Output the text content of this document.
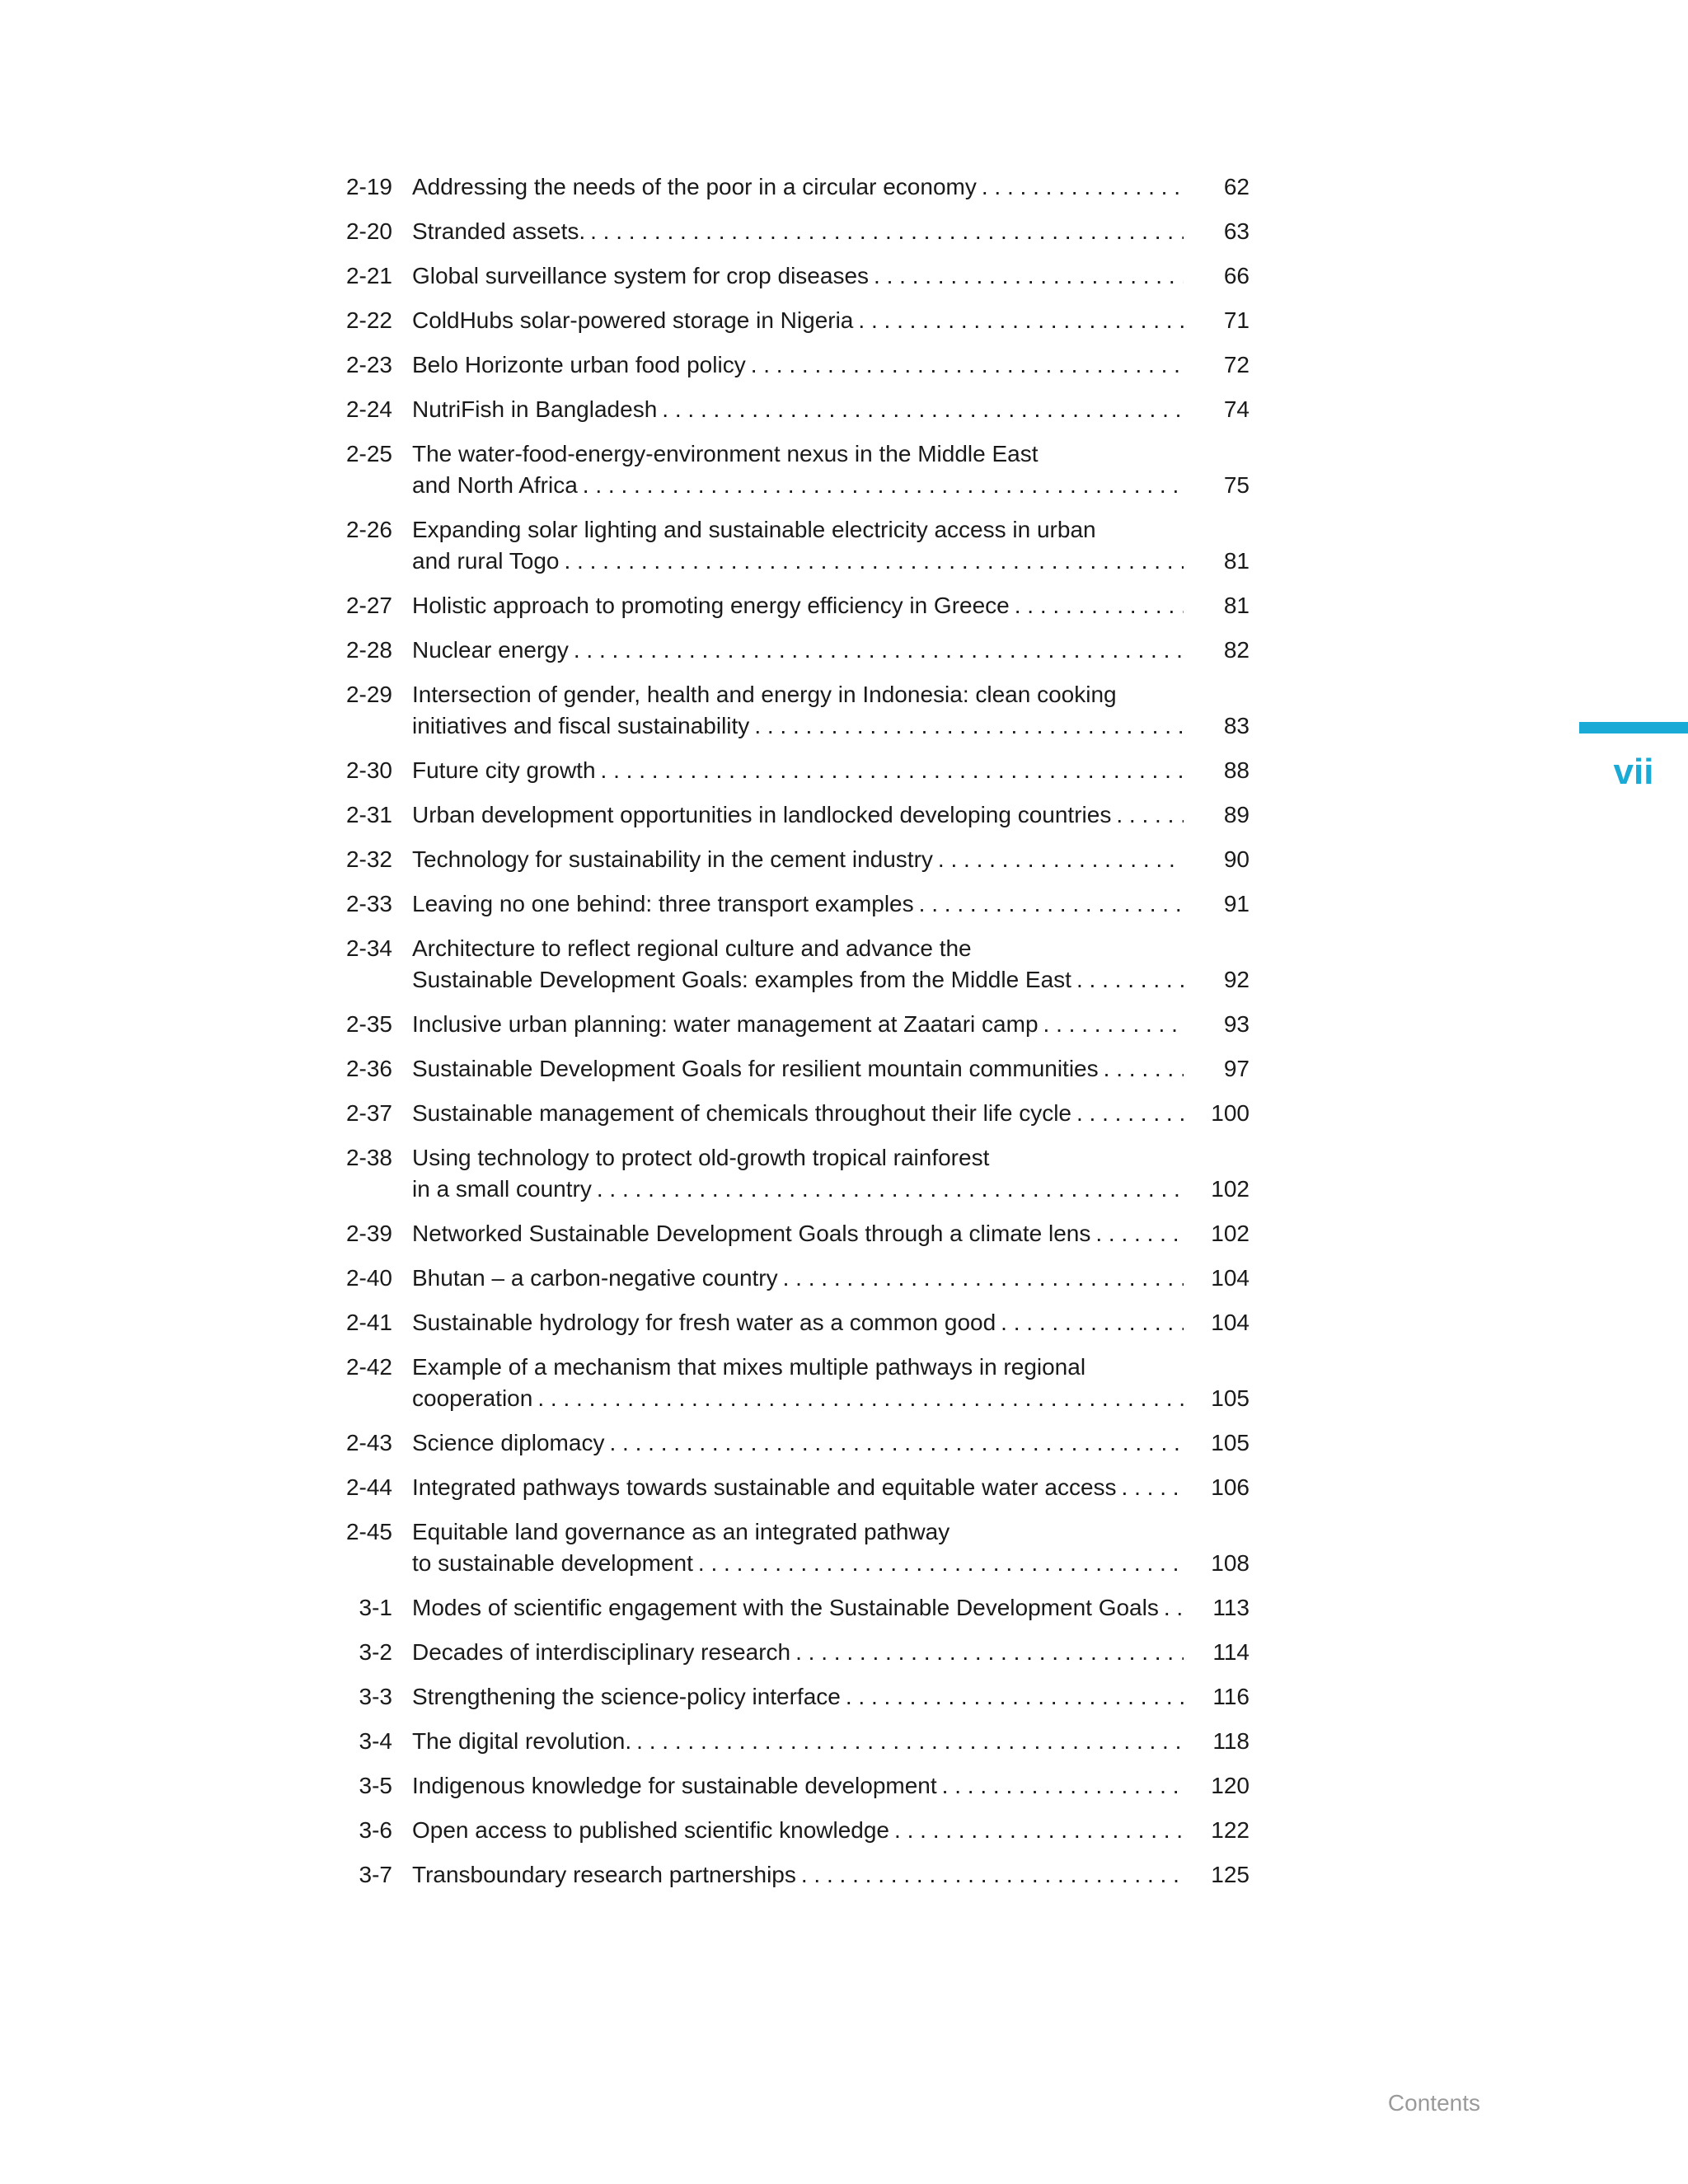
2-19 Addressing the needs of the poor in a circular economy . . .	62
2-20 Stranded assets. . . .	63
2-21 Global surveillance system for crop diseases . . .	66
2-22 ColdHubs solar-powered storage in Nigeria . . .	71
2-23 Belo Horizonte urban food policy . . .	72
2-24 NutriFish in Bangladesh . . .	74
2-25 The water-food-energy-environment nexus in the Middle East
and North Africa . . .	75
2-26 Expanding solar lighting and sustainable electricity access in urban
and rural Togo . . .	81
2-27 Holistic approach to promoting energy efficiency in Greece . . .	81
2-28 Nuclear energy . . .	82
2-29 Intersection of gender, health and energy in Indonesia: clean cooking
initiatives and fiscal sustainability . . .	83
2-30 Future city growth . . .	88
2-31 Urban development opportunities in landlocked developing countries . . .	89
2-32 Technology for sustainability in the cement industry . . .	90
2-33 Leaving no one behind: three transport examples . . .	91
2-34 Architecture to reflect regional culture and advance the
Sustainable Development Goals: examples from the Middle East . . .	92
2-35 Inclusive urban planning: water management at Zaatari camp . . .	93
2-36 Sustainable Development Goals for resilient mountain communities . . .	97
2-37 Sustainable management of chemicals throughout their life cycle . . .	100
2-38 Using technology to protect old-growth tropical rainforest
in a small country . . .	102
2-39 Networked Sustainable Development Goals through a climate lens . . .	102
2-40 Bhutan – a carbon-negative country . . .	104
2-41 Sustainable hydrology for fresh water as a common good . . .	104
2-42 Example of a mechanism that mixes multiple pathways in regional
cooperation . . .	105
2-43 Science diplomacy . . .	105
2-44 Integrated pathways towards sustainable and equitable water access . . .	106
2-45 Equitable land governance as an integrated pathway
to sustainable development . . .	108
3-1 Modes of scientific engagement with the Sustainable Development Goals . . .	113
3-2 Decades of interdisciplinary research . . .	114
3-3 Strengthening the science-policy interface . . .	116
3-4 The digital revolution. . . .	118
3-5 Indigenous knowledge for sustainable development . . .	120
3-6 Open access to published scientific knowledge . . .	122
3-7 Transboundary research partnerships . . .	125
vii
Contents
